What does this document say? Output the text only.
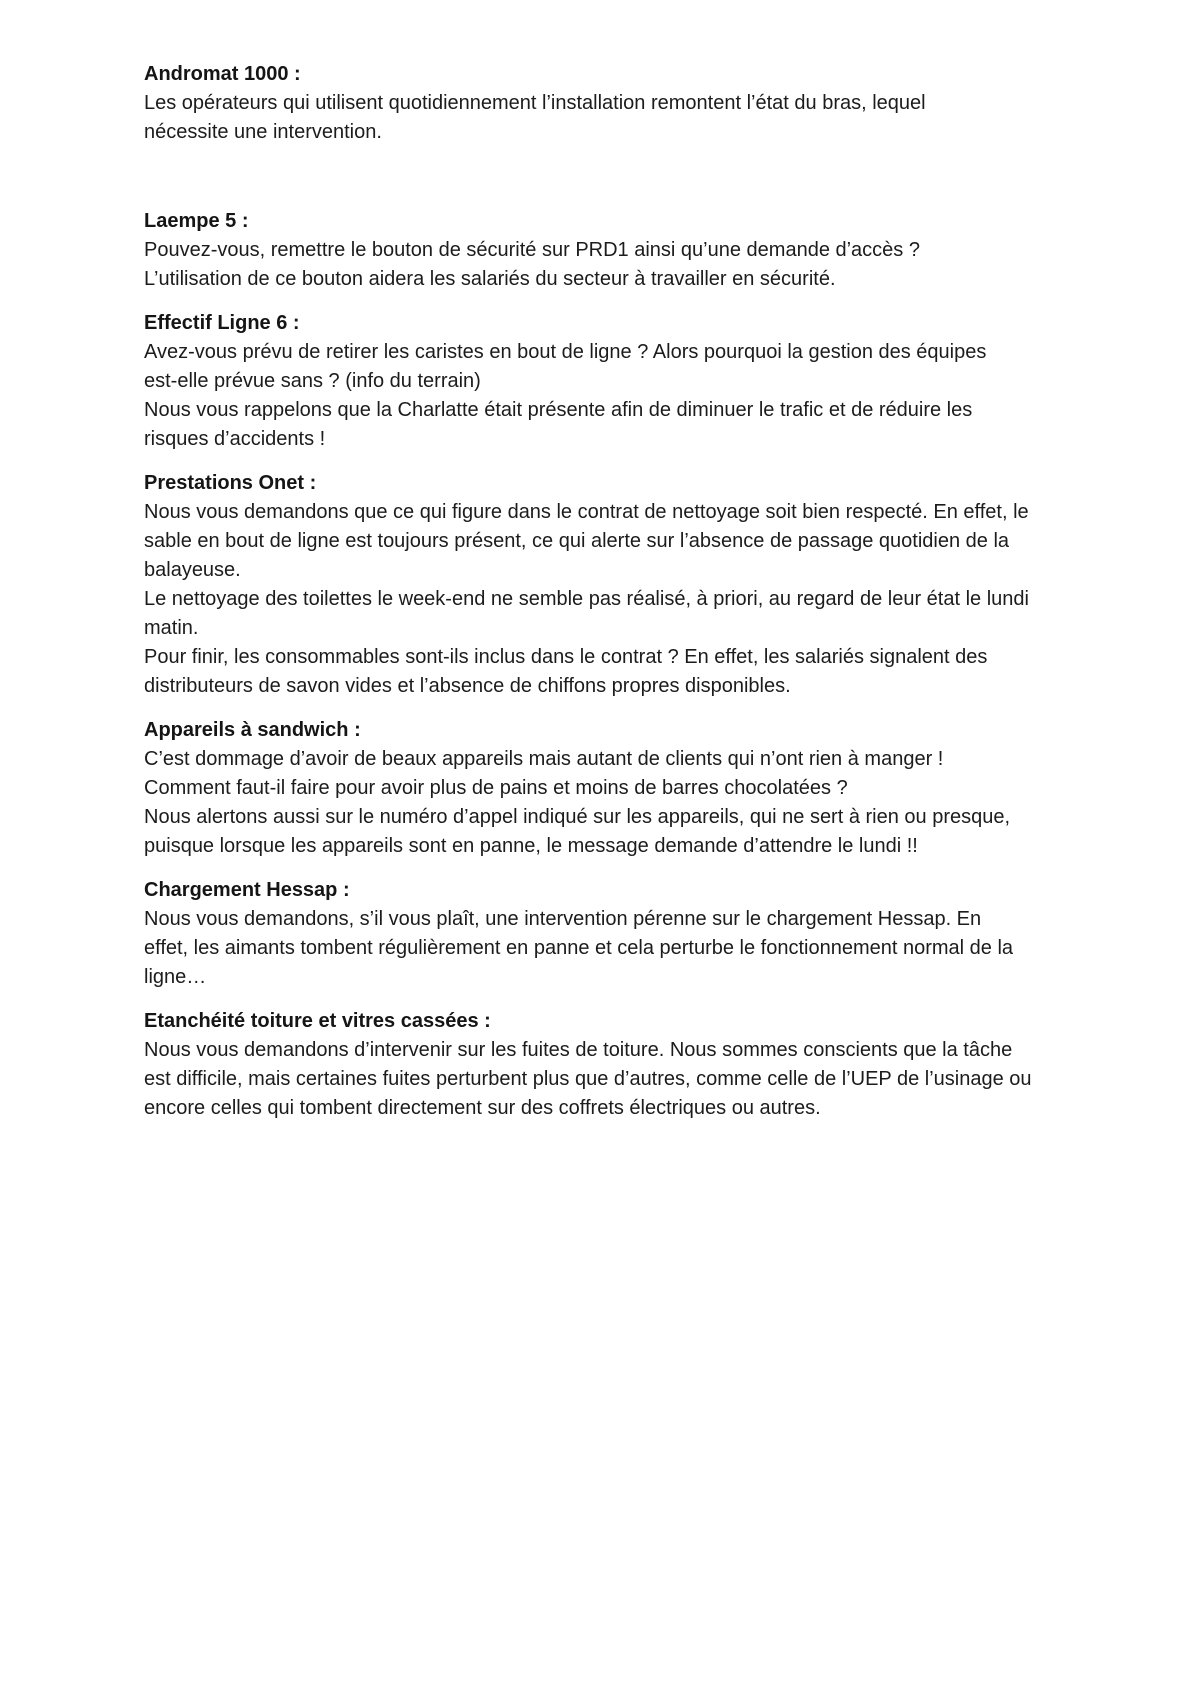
Andromat 1000 :

Les opérateurs qui utilisent quotidiennement l’installation remontent l’état du bras, lequel

nécessite une intervention.

Laempe 5 :

Pouvez-vous, remettre le bouton de sécurité sur PRD1 ainsi qu’une demande d’accès ?

L’utilisation de ce bouton aidera les salariés du secteur à travailler en sécurité.

Effectif Ligne 6 :

Avez-vous prévu de retirer les caristes en bout de ligne ? Alors pourquoi la gestion des équipes

est-elle prévue sans ? (info du terrain)

Nous vous rappelons que la Charlatte était présente afin de diminuer le trafic et de réduire les

risques d’accidents !

Prestations Onet :

Nous vous demandons que ce qui figure dans le contrat de nettoyage soit bien respecté. En effet, le

sable en bout de ligne est toujours présent, ce qui alerte sur l’absence de passage quotidien de la

balayeuse.

Le nettoyage des toilettes le week-end ne semble pas réalisé, à priori, au regard de leur état le lundi

matin.

Pour finir, les consommables sont-ils inclus dans le contrat ? En effet, les salariés signalent des

distributeurs de savon vides et l’absence de chiffons propres disponibles.

Appareils à sandwich :

C’est dommage d’avoir de beaux appareils mais autant de clients qui n’ont rien à manger !

Comment faut-il faire pour avoir plus de pains et moins de barres chocolatées ?

Nous alertons aussi sur le numéro d’appel indiqué sur les appareils, qui ne sert à rien ou presque,

puisque lorsque les appareils sont en panne, le message demande d’attendre le lundi !!

Chargement Hessap :

Nous vous demandons, s’il vous plaît, une intervention pérenne sur le chargement Hessap. En

effet, les aimants tombent régulièrement en panne et cela perturbe le fonctionnement normal de la

ligne…

Etanchéité toiture et vitres cassées :

Nous vous demandons d’intervenir sur les fuites de toiture. Nous sommes conscients que la tâche

est difficile, mais certaines fuites perturbent plus que d’autres, comme celle de l’UEP de l’usinage ou

encore celles qui tombent directement sur des coffrets électriques ou autres.
